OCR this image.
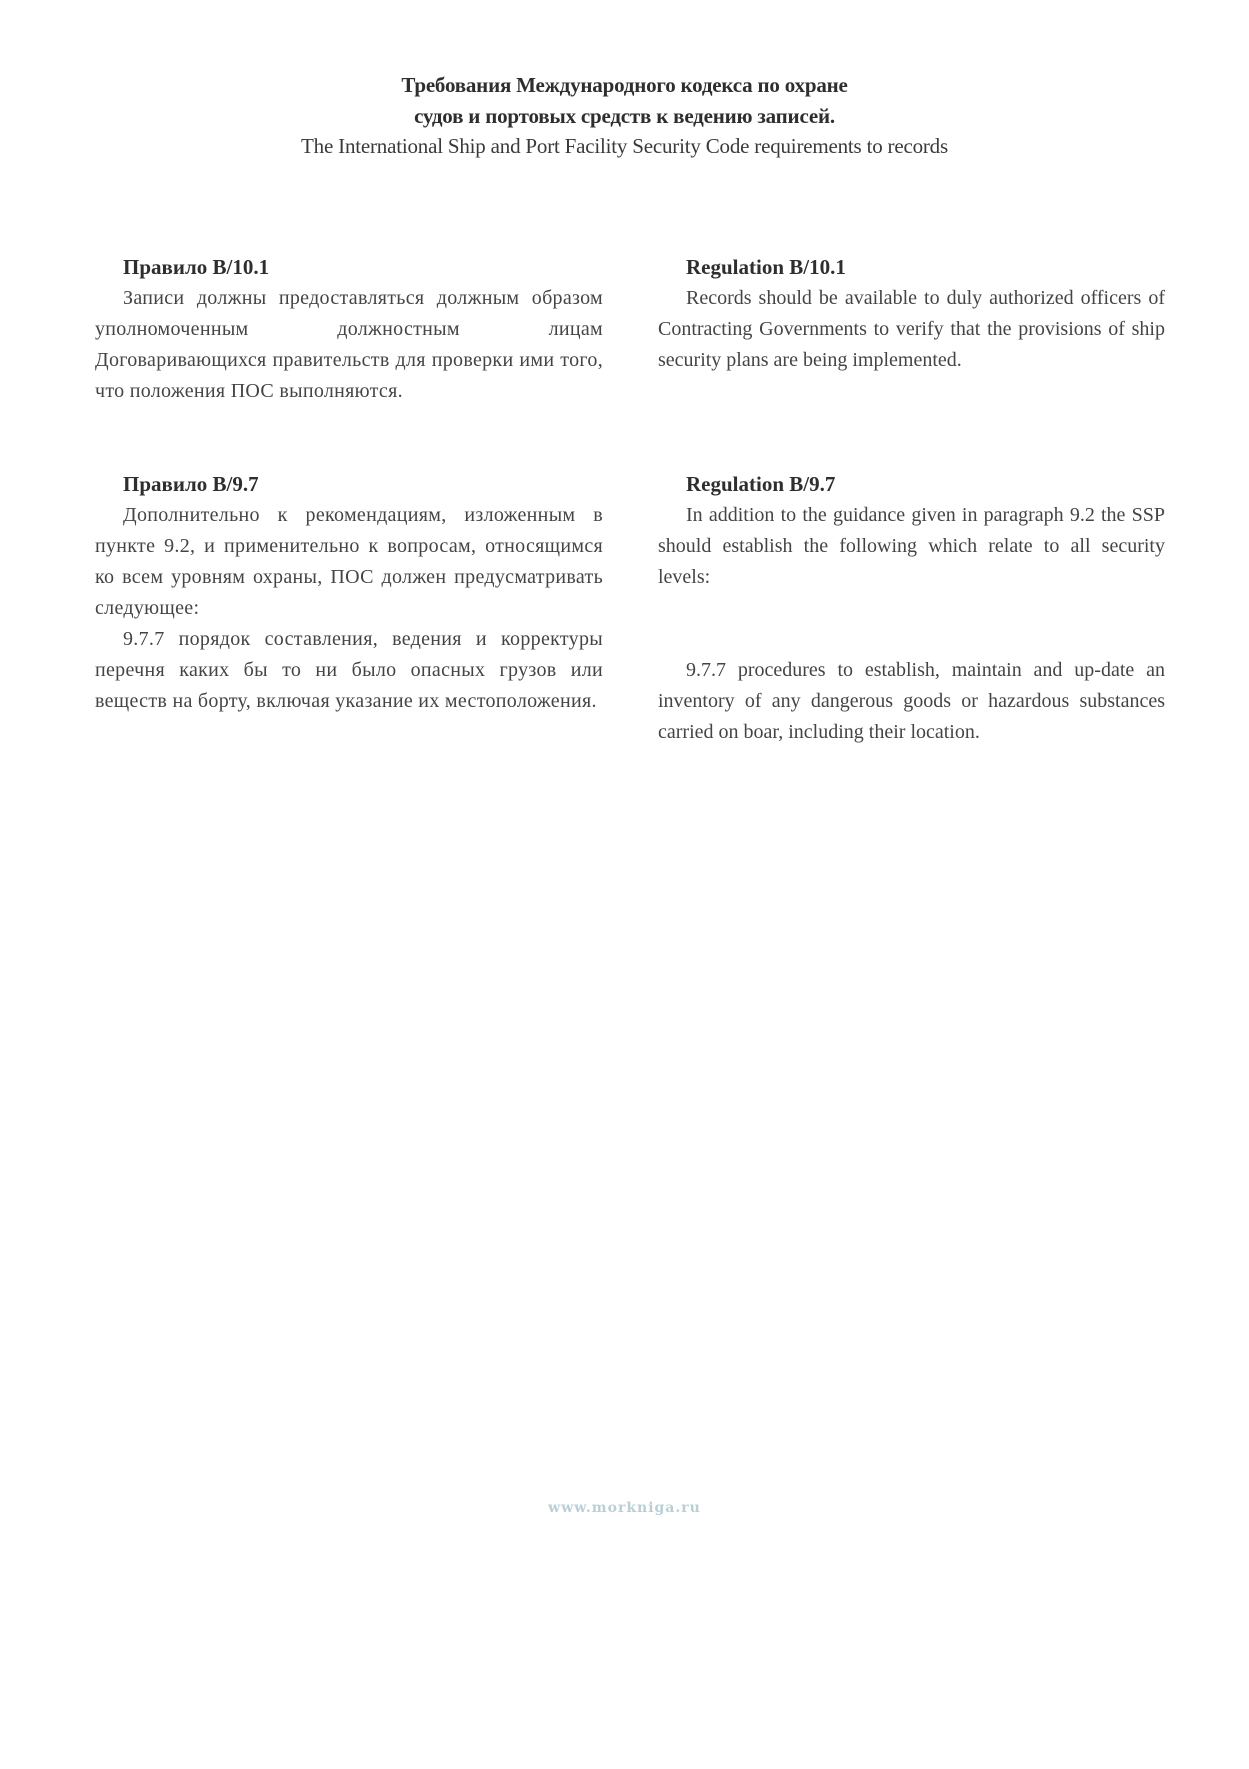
Требования Международного кодекса по охране
судов и портовых средств к ведению записей.
The International Ship and Port Facility Security Code requirements to records
Правило В/10.1

Записи должны предоставляться должным образом уполномоченным должностным лицам Договаривающихся правительств для проверки ими того, что положения ПОС выполняются.

Правило В/9.7

Дополнительно к рекомендациям, изложенным в пункте 9.2, и применительно к вопросам, относящимся ко всем уровням охраны, ПОС должен предусматривать следующее:

9.7.7 порядок составления, ведения и корректуры перечня каких бы то ни было опасных грузов или веществ на борту, включая указание их местоположения.

Regulation B/10.1

Records should be available to duly authorized officers of Contracting Governments to verify that the provisions of ship security plans are being implemented.

Regulation B/9.7

In addition to the guidance given in paragraph 9.2 the SSP should establish the following which relate to all security levels:

9.7.7 procedures to establish, maintain and up-date an inventory of any dangerous goods or hazardous substances carried on boar, including their location.

www.morkniga.ru
